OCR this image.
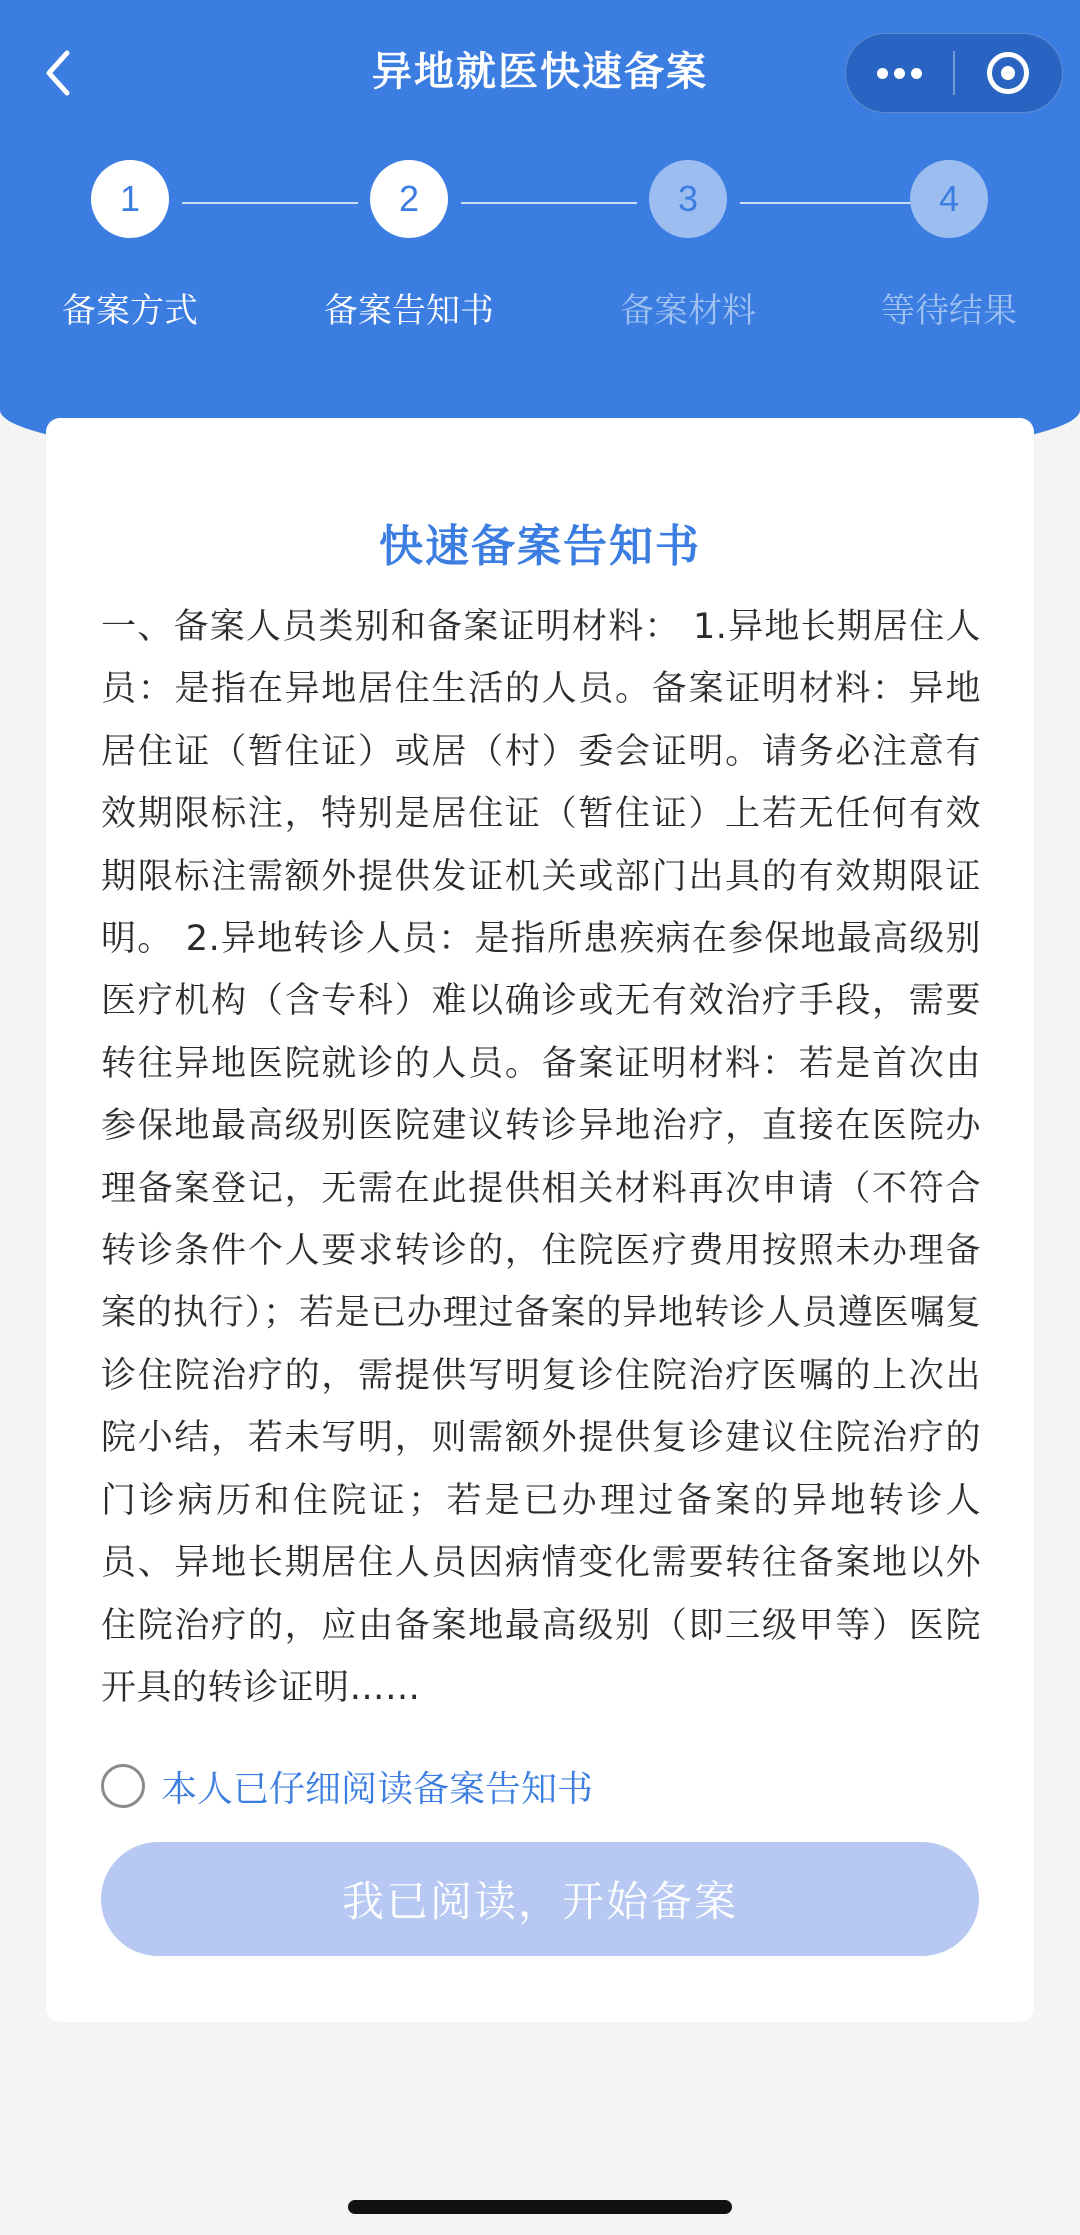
异地就医快速备案
1
备案方式
2
备案告知书
3
备案材料
4
等待结果
快速备案告知书

一、备案人员类别和备案证明材料： 1.异地长期居住人员：是指在异地居住生活的人员。备案证明材料：异地居住证（暂住证）或居（村）委会证明。请务必注意有效期限标注，特别是居住证（暂住证）上若无任何有效期限标注需额外提供发证机关或部门出具的有效期限证明。 2.异地转诊人员：是指所患疾病在参保地最高级别医疗机构（含专科）难以确诊或无有效治疗手段，需要转往异地医院就诊的人员。备案证明材料：若是首次由参保地最高级别医院建议转诊异地治疗，直接在医院办理备案登记，无需在此提供相关材料再次申请（不符合转诊条件个人要求转诊的，住院医疗费用按照未办理备案的执行）；若是已办理过备案的异地转诊人员遵医嘱复诊住院治疗的，需提供写明复诊住院治疗医嘱的上次出院小结，若未写明，则需额外提供复诊建议住院治疗的门诊病历和住院证；若是已办理过备案的异地转诊人员、异地长期居住人员因病情变化需要转往备案地以外住院治疗的，应由备案地最高级别（即三级甲等）医院开具的转诊证明……

本人已仔细阅读备案告知书
我已阅读，开始备案
